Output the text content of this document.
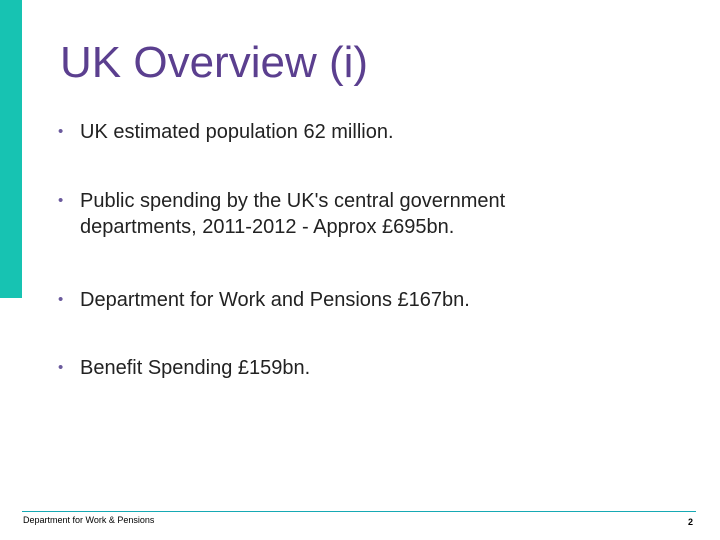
UK Overview (i)
• UK estimated population 62 million.
• Public spending by the UK's central government
departments, 2011-2012 - Approx £695bn.
• Department for Work and Pensions £167bn.
• Benefit Spending £159bn.
Department for Work & Pensions	2
